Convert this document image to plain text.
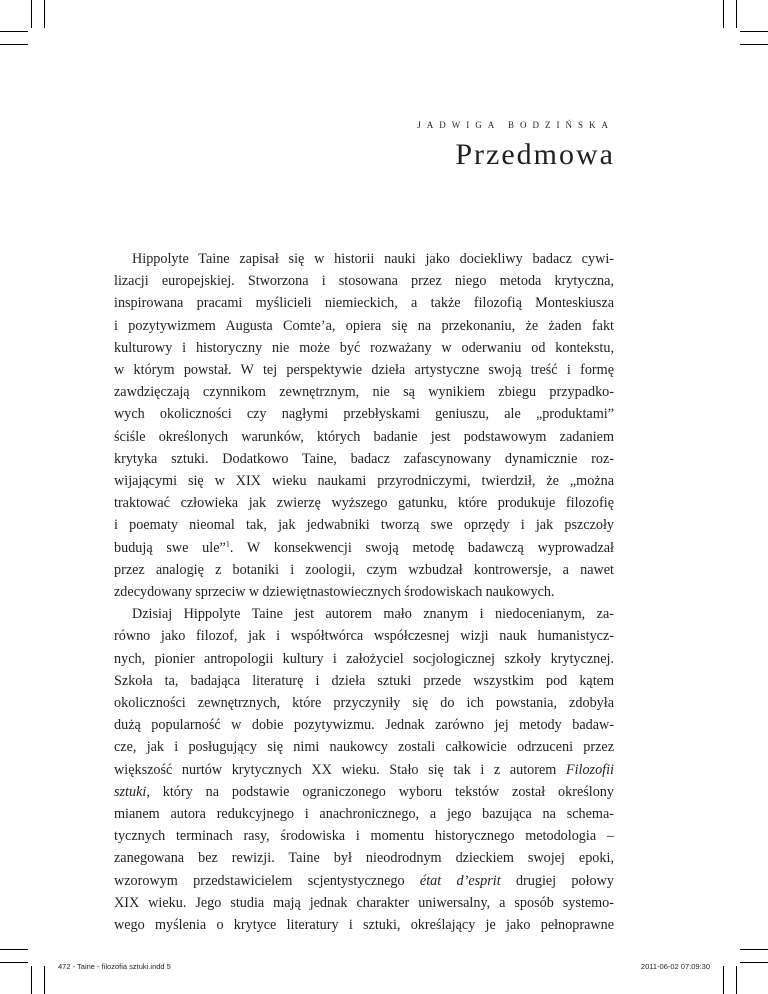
JADWIGA BODZIŃSKA
Przedmowa
Hippolyte Taine zapisał się w historii nauki jako dociekliwy badacz cywi-
lizacji europejskiej. Stworzona i stosowana przez niego metoda krytyczna,
inspirowana pracami myślicieli niemieckich, a także filozofią Monteskiusza
i pozytywizmem Augusta Comte’a, opiera się na przekonaniu, że żaden fakt
kulturowy i historyczny nie może być rozważany w oderwaniu od kontekstu,
w którym powstał. W tej perspektywie dzieła artystyczne swoją treść i formę
zawdzięczają czynnikom zewnętrznym, nie są wynikiem zbiegu przypadko-
wych okoliczności czy nagłymi przebłyskami geniuszu, ale „produktami”
ściśle określonych warunków, których badanie jest podstawowym zadaniem
krytyka sztuki. Dodatkowo Taine, badacz zafascynowany dynamicznie roz-
wijającymi się w XIX wieku naukami przyrodniczymi, twierdził, że „można
traktować człowieka jak zwierzę wyższego gatunku, które produkuje filozofię
i poematy nieomal tak, jak jedwabniki tworzą swe oprzędy i jak pszczoły
budują swe ule”$^1$. W konsekwencji swoją metodę badawczą wyprowadzał
przez analogię z botaniki i zoologii, czym wzbudzał kontrowersje, a nawet
zdecydowany sprzeciw w dziewiętnastowiecznych środowiskach naukowych.
Dzisiaj Hippolyte Taine jest autorem mało znanym i niedocenianym, za-
równo jako filozof, jak i współtwórca współczesnej wizji nauk humanistycz-
nych, pionier antropologii kultury i założyciel socjologicznej szkoły krytycznej.
Szkoła ta, badająca literaturę i dzieła sztuki przede wszystkim pod kątem
okoliczności zewnętrznych, które przyczyniły się do ich powstania, zdobyła
dużą popularność w dobie pozytywizmu. Jednak zarówno jej metody badaw-
cze, jak i posługujący się nimi naukowcy zostali całkowicie odrzuceni przez
większość nurtów krytycznych XX wieku. Stało się tak i z autorem Filozofii
sztuki, który na podstawie ograniczonego wyboru tekstów został określony
mianem autora redukcyjnego i anachronicznego, a jego bazująca na schema-
tycznych terminach rasy, środowiska i momentu historycznego metodologia –
zanegowana bez rewizji. Taine był nieodrodnym dzieckiem swojej epoki,
wzorowym przedstawicielem scjentystycznego état d’esprit drugiej połowy
XIX wieku. Jego studia mają jednak charakter uniwersalny, a sposób systemo-
wego myślenia o krytyce literatury i sztuki, określający je jako pełnoprawne
472 - Taine - filozofia sztuki.indd 5	2011-06-02 07:09:30
